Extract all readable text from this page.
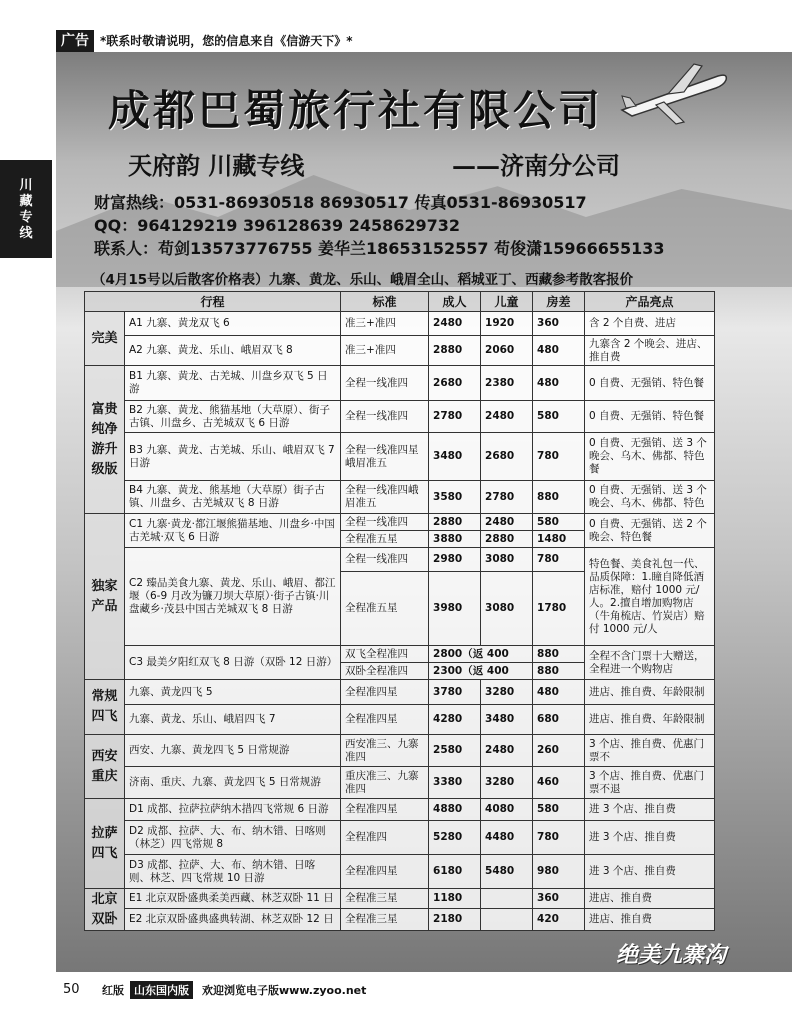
广告 *联系时敬请说明，您的信息来自《信游天下》*
川藏专线
成都巴蜀旅行社有限公司
天府韵 川藏专线	——济南分公司
财富热线：0531-86930518 86930517 传真0531-86930517
QQ：964129219 396128639 2458629732
联系人：苟剑13573776755 姜华兰18653152557 苟俊潇15966655133
（4月15号以后散客价格表）九寨、黄龙、乐山、峨眉全山、稻城亚丁、西藏参考散客报价
行程		标准	成人	儿童	房差	产品亮点
完美	A1 九寨、黄龙双飞 6	准三+准四	2480	1920	360	含 2 个自费、进店
	A2 九寨、黄龙、乐山、峨眉双飞 8	准三+准四	2880	2060	480	九寨含 2 个晚会、进店、推自费
富贵纯净游升级版	B1 九寨、黄龙、古羌城、川盘乡双飞 5 日游	全程一线准四	2680	2380	480	0 自费、无强销、特色餐
	B2 九寨、黄龙、熊猫基地（大草原）、街子古镇、川盘乡、古羌城双飞 6 日游	全程一线准四	2780	2480	580	0 自费、无强销、特色餐
	B3 九寨、黄龙、古羌城、乐山、峨眉双飞 7 日游	全程一线准四星峨眉准五	3480	2680	780	0 自费、无强销、送 3 个晚会、乌木、佛都、特色餐
	B4 九寨、黄龙、熊基地（大草原）街子古镇、川盘乡、古羌城双飞 8 日游	全程一线准四峨眉准五	3580	2780	880	0 自费、无强销、送 3 个晚会、乌木、佛都、特色
独家产品	C1 九寨·黄龙·都江堰熊猫基地、川盘乡·中国古羌城·双飞 6 日游	全程一线准四	2880	2480	580	0 自费、无强销、送 2 个晚会、特色餐
		全程准五星	3880	2880	1480	
	C2 臻品美食九寨、黄龙、乐山、峨眉、都江堰（6-9 月改为镰刀坝大草原）·街子古镇·川盘藏乡·茂县中国古羌城双飞 8 日游	全程一线准四	2980	3080	780	特色餐、美食礼包一代、品质保障：1.瞳自降低酒店标准，赔付 1000 元/人。2.擅自增加购物店（牛角梳店、竹炭店）赔付 1000 元/人
		全程准五星	3980	3080	1780	
	C3 最美夕阳红双飞 8 日游（双卧 12 日游）	双飞全程准四	2800（返 400		880	全程不含门票十大赠送，全程进一个购物店
		双卧全程准四	2300（返 400		880	
常规四飞	九寨、黄龙四飞 5	全程准四星	3780	3280	480	进店、推自费、年龄限制
	九寨、黄龙、乐山、峨眉四飞 7	全程准四星	4280	3480	680	进店、推自费、年龄限制
西安重庆	西安、九寨、黄龙四飞 5 日常规游	西安准三、九寨准四	2580	2480	260	3 个店、推自费、优惠门票不
	济南、重庆、九寨、黄龙四飞 5 日常规游	重庆准三、九寨准四	3380	3280	460	3 个店、推自费、优惠门票不退
拉萨四飞	D1 成都、拉萨拉萨纳木措四飞常规 6 日游	全程准四星	4880	4080	580	进 3 个店、推自费
	D2 成都、拉萨、大、布、纳木错、日喀则（林芝）四飞常规 8	全程准四	5280	4480	780	进 3 个店、推自费
	D3 成都、拉萨、大、布、纳木错、日喀则、林芝、四飞常规 10 日游	全程准四星	6180	5480	980	进 3 个店、推自费
北京双卧	E1 北京双卧盛典柔美西藏、林芝双卧 11 日	全程准三星	1180		360	进店、推自费
	E2 北京双卧盛典盛典转湖、林芝双卧 12 日	全程准三星	2180		420	进店、推自费
绝美九寨沟
50 红版 山东国内版	欢迎浏览电子版www.zyoo.net
